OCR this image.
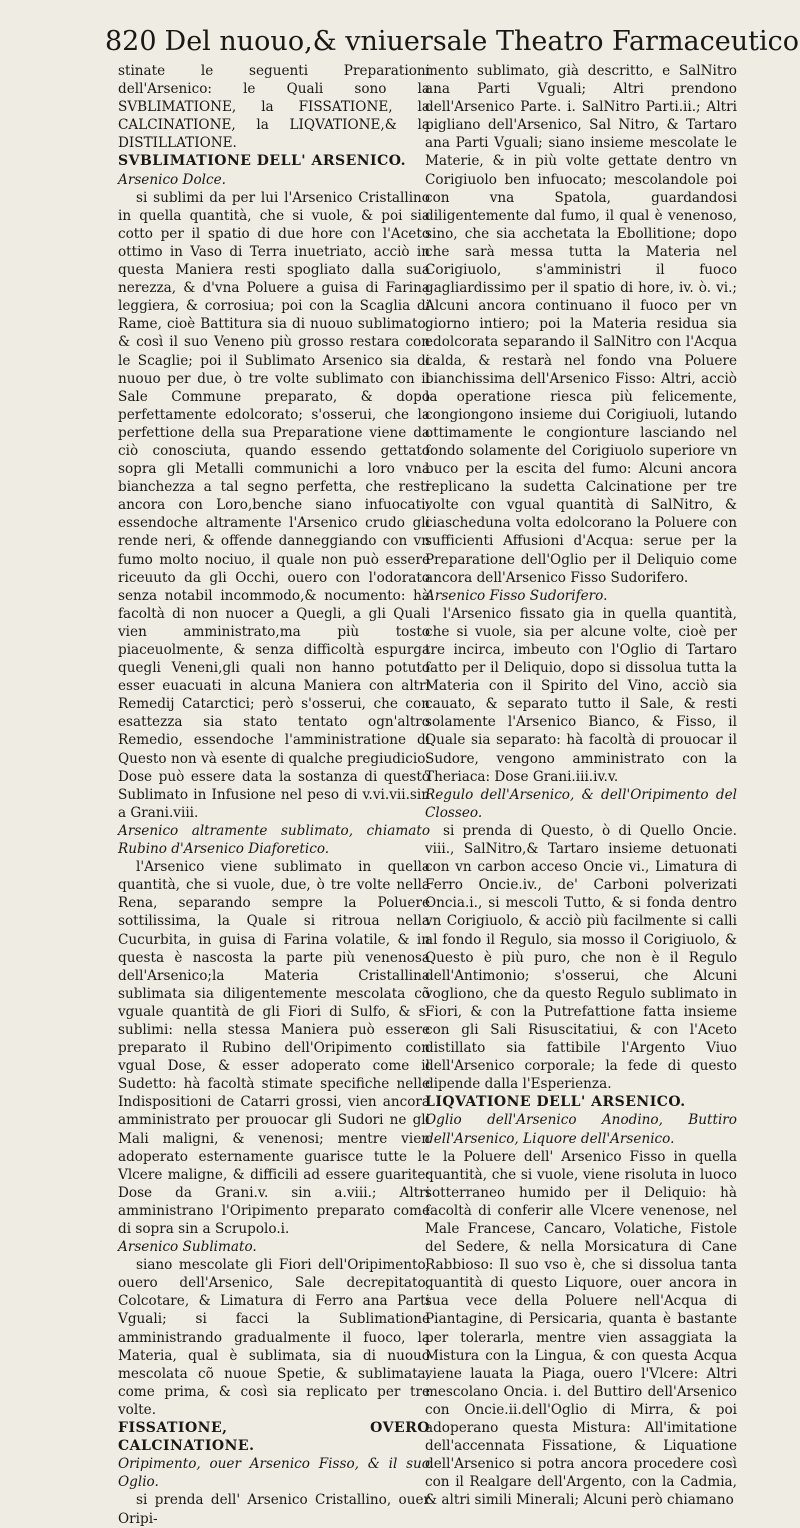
820 Del nuouo,& vniuersale Theatro Farmaceutico

stinate le seguenti Preparationi dell'Arsenico: le Quali sono la SVBLIMATIONE, la FISSATIONE, la CALCINATIONE, la LIQVATIONE,& la DISTILLATIONE.

SVBLIMATIONE DELL' ARSENICO.

Arsenico Dolce.

si sublimi da per lui l'Arsenico Cristallino in quella quantità, che si vuole, & poi sia cotto per il spatio di due hore con l'Aceto ottimo in Vaso di Terra inuetriato, acciò in questa Maniera resti spogliato dalla sua nerezza, & d'vna Poluere a guisa di Farina leggiera, & corrosiua; poi con la Scaglia di Rame, cioè Battitura sia di nuouo sublimato, & così il suo Veneno più grosso restara con le Scaglie; poi il Sublimato Arsenico sia di nuouo per due, ò tre volte sublimato con il Sale Commune preparato, & dopo perfettamente edolcorato; s'osserui, che la perfettione della sua Preparatione viene da ciò conosciuta, quando essendo gettato sopra gli Metalli communichi a loro vna bianchezza a tal segno perfetta, che resti ancora con Loro,benche siano infuocati; essendoche altramente l'Arsenico crudo gli rende neri, & offende danneggiando con vn fumo molto nociuo, il quale non può essere riceuuto da gli Occhi, ouero con l'odorato senza notabil incommodo,& nocumento: hà facoltà di non nuocer a Quegli, a gli Quali vien amministrato,ma più tosto piaceuolmente, & senza difficoltà espurga quegli Veneni,gli quali non hanno potuto esser euacuati in alcuna Maniera con altri Remedij Catarctici; però s'osserui, che con esattezza sia stato tentato ogn'altro Remedio, essendoche l'amministratione di Questo non và esente di qualche pregiudicio: Dose può essere data la sostanza di questo Sublimato in Infusione nel peso di v.vi.vii.sin a Grani.viii.

Arsenico altramente sublimato, chiamato Rubino d'Arsenico Diaforetico.

l'Arsenico viene sublimato in quella quantità, che si vuole, due, ò tre volte nella Rena, separando sempre la Poluere sottilissima, la Quale si ritroua nella Cucurbita, in guisa di Farina volatile, & in questa è nascosta la parte più venenosa dell'Arsenico;la Materia Cristallina sublimata sia diligentemente mescolata cõ vguale quantità de gli Fiori di Sulfo, & si sublimi: nella stessa Maniera può essere preparato il Rubino dell'Oripimento con vgual Dose, & esser adoperato come il Sudetto: hà facoltà stimate specifiche nelle Indispositioni de Catarri grossi, vien ancora amministrato per prouocar gli Sudori ne gli Mali maligni, & venenosi; mentre vien adoperato esternamente guarisce tutte le Vlcere maligne, & difficili ad essere guarite: Dose da Grani.v. sin a.viii.; Altri amministrano l'Oripimento preparato come di sopra sin a Scrupolo.i.

Arsenico Sublimato.

siano mescolate gli Fiori dell'Oripimento, ouero dell'Arsenico, Sale decrepitato, Colcotare, & Limatura di Ferro ana Parti Vguali; si facci la Sublimatione amministrando gradualmente il fuoco, la Materia, qual è sublimata, sia di nuouo mescolata cõ nuoue Spetie, & sublimata, come prima, & così sia replicato per tre volte.

FISSATIONE, OVERO CALCINATIONE.

Oripimento, ouer Arsenico Fisso, & il suo Oglio.

si prenda dell' Arsenico Cristallino, ouer Oripi-

mento sublimato, già descritto, e SalNitro ana Parti Vguali; Altri prendono dell'Arsenico Parte. i. SalNitro Parti.ii.; Altri pigliano dell'Arsenico, Sal Nitro, & Tartaro ana Parti Vguali; siano insieme mescolate le Materie, & in più volte gettate dentro vn Corigiuolo ben infuocato; mescolandole poi con vna Spatola, guardandosi diligentemente dal fumo, il qual è venenoso, sino, che sia acchetata la Ebollitione; dopo che sarà messa tutta la Materia nel Corigiuolo, s'amministri il fuoco gagliardissimo per il spatio di hore, iv. ò. vi.; Alcuni ancora continuano il fuoco per vn giorno intiero; poi la Materia residua sia edolcorata separando il SalNitro con l'Acqua calda, & restarà nel fondo vna Poluere bianchissima dell'Arsenico Fisso: Altri, acciò la operatione riesca più felicemente, congiongono insieme dui Corigiuoli, lutando ottimamente le congionture lasciando nel fondo solamente del Corigiuolo superiore vn buco per la escita del fumo: Alcuni ancora replicano la sudetta Calcinatione per tre volte con vgual quantità di SalNitro, & ciascheduna volta edolcorano la Poluere con sufficienti Affusioni d'Acqua: serue per la Preparatione dell'Oglio per il Deliquio come ancora dell'Arsenico Fisso Sudorifero.

Arsenico Fisso Sudorifero.

l'Arsenico fissato gia in quella quantità, che si vuole, sia per alcune volte, cioè per tre incirca, imbeuto con l'Oglio di Tartaro fatto per il Deliquio, dopo si dissolua tutta la Materia con il Spirito del Vino, acciò sia cauato, & separato tutto il Sale, & resti solamente l'Arsenico Bianco, & Fisso, il Quale sia separato: hà facoltà di prouocar il Sudore, vengono amministrato con la Theriaca: Dose Grani.iii.iv.v.

Regulo dell'Arsenico, & dell'Oripimento del Closseo.

si prenda di Questo, ò di Quello Oncie. viii., SalNitro,& Tartaro insieme detuonati con vn carbon acceso Oncie vi., Limatura di Ferro Oncie.iv., de' Carboni polverizati Oncia.i., si mescoli Tutto, & si fonda dentro vn Corigiuolo, & acciò più facilmente si calli al fondo il Regulo, sia mosso il Corigiuolo, & Questo è più puro, che non è il Regulo dell'Antimonio; s'osserui, che Alcuni vogliono, che da questo Regulo sublimato in Fiori, & con la Putrefattione fatta insieme con gli Sali Risuscitatiui, & con l'Aceto distillato sia fattibile l'Argento Viuo dell'Arsenico corporale; la fede di questo dipende dalla l'Esperienza.

LIQVATIONE DELL' ARSENICO.

Oglio dell'Arsenico Anodino, Buttiro dell'Arsenico, Liquore dell'Arsenico.

la Poluere dell' Arsenico Fisso in quella quantità, che si vuole, viene risoluta in luoco sotterraneo humido per il Deliquio: hà facoltà di conferir alle Vlcere venenose, nel Male Francese, Cancaro, Volatiche, Fistole del Sedere, & nella Morsicatura di Cane Rabbioso: Il suo vso è, che si dissolua tanta quantità di questo Liquore, ouer ancora in sua vece della Poluere nell'Acqua di Piantagine, di Persicaria, quanta è bastante per tolerarla, mentre vien assaggiata la Mistura con la Lingua, & con questa Acqua viene lauata la Piaga, ouero l'Vlcere: Altri mescolano Oncia. i. del Buttiro dell'Arsenico con Oncie.ii.dell'Oglio di Mirra, & poi adoperano questa Mistura: All'imitatione dell'accennata Fissatione, & Liquatione dell'Arsenico si potra ancora procedere così con il Realgare dell'Argento, con la Cadmia, & altri simili Minerali; Alcuni però chiamano
